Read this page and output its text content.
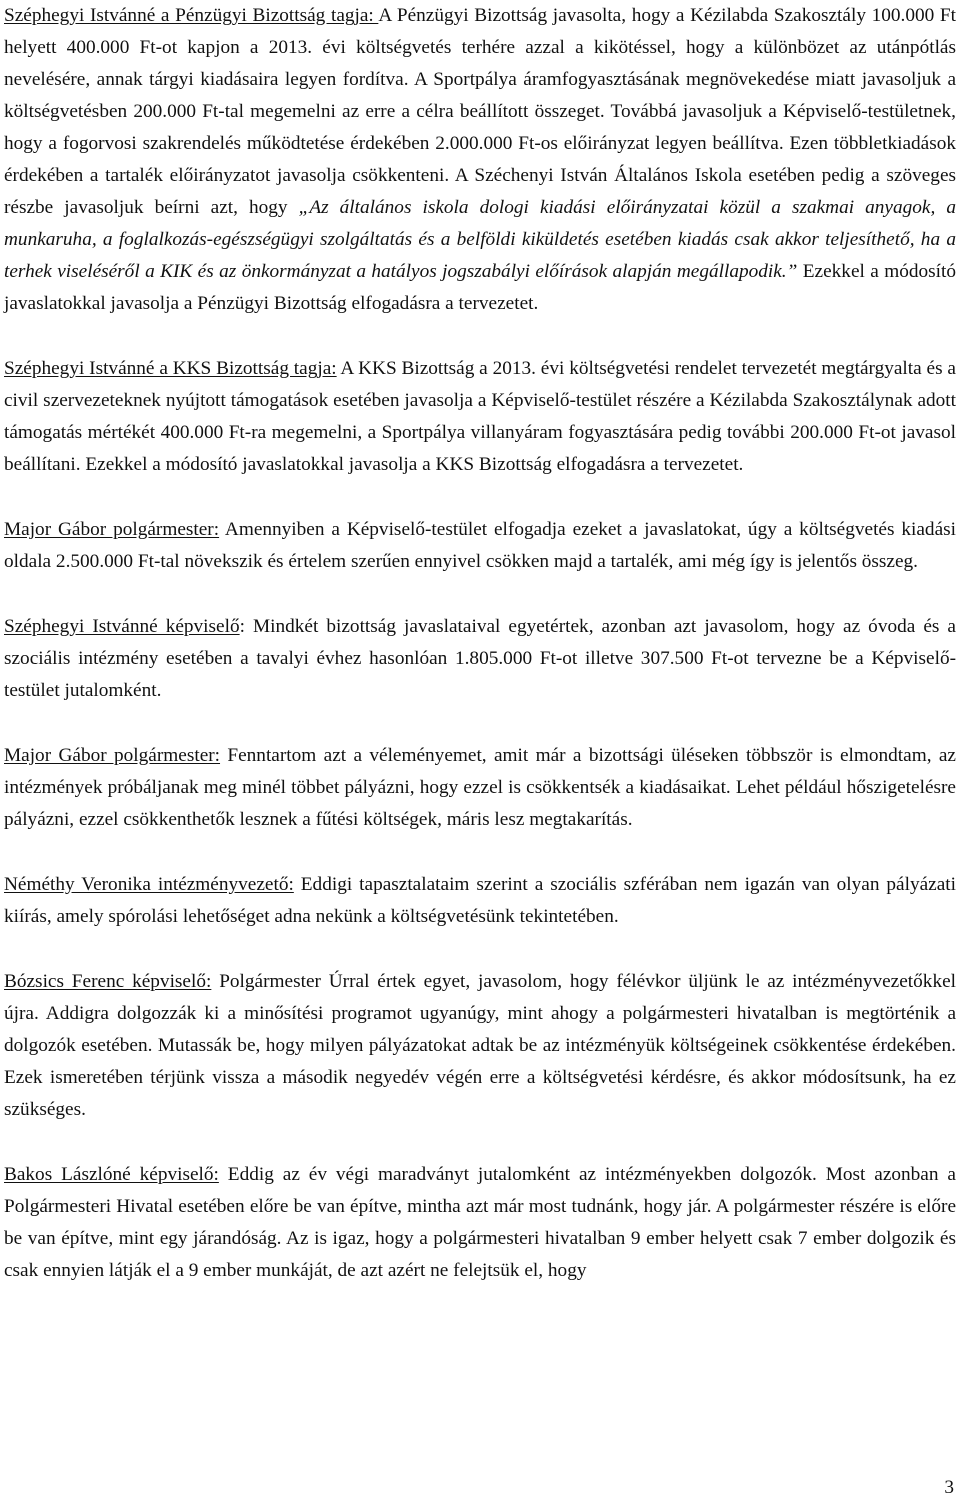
Széphegyi Istvánné a Pénzügyi Bizottság tagja: A Pénzügyi Bizottság javasolta, hogy a Kézilabda Szakosztály 100.000 Ft helyett 400.000 Ft-ot kapjon a 2013. évi költségvetés terhére azzal a kikötéssel, hogy a különbözet az utánpótlás nevelésére, annak tárgyi kiadásaira legyen fordítva. A Sportpálya áramfogyasztásának megnövekedése miatt javasoljuk a költségvetésben 200.000 Ft-tal megemelni az erre a célra beállított összeget. Továbbá javasoljuk a Képviselő-testületnek, hogy a fogorvosi szakrendelés működtetése érdekében 2.000.000 Ft-os előirányzat legyen beállítva. Ezen többletkiadások érdekében a tartalék előirányzatot javasolja csökkenteni. A Széchenyi István Általános Iskola esetében pedig a szöveges részbe javasoljuk beírni azt, hogy „Az általános iskola dologi kiadási előirányzatai közül a szakmai anyagok, a munkaruha, a foglalkozás-egészségügyi szolgáltatás és a belföldi kiküldetés esetében kiadás csak akkor teljesíthető, ha a terhek viseléséről a KIK és az önkormányzat a hatályos jogszabályi előírások alapján megállapodik.” Ezekkel a módosító javaslatokkal javasolja a Pénzügyi Bizottság elfogadásra a tervezetet.

Széphegyi Istvánné a KKS Bizottság tagja: A KKS Bizottság a 2013. évi költségvetési rendelet tervezetét megtárgyalta és a civil szervezeteknek nyújtott támogatások esetében javasolja a Képviselő-testület részére a Kézilabda Szakosztálynak adott támogatás mértékét 400.000 Ft-ra megemelni, a Sportpálya villanyáram fogyasztására pedig további 200.000 Ft-ot javasol beállítani. Ezekkel a módosító javaslatokkal javasolja a KKS Bizottság elfogadásra a tervezetet.

Major Gábor polgármester: Amennyiben a Képviselő-testület elfogadja ezeket a javaslatokat, úgy a költségvetés kiadási oldala 2.500.000 Ft-tal növekszik és értelem szerűen ennyivel csökken majd a tartalék, ami még így is jelentős összeg.

Széphegyi Istvánné képviselő: Mindkét bizottság javaslataival egyetértek, azonban azt javasolom, hogy az óvoda és a szociális intézmény esetében a tavalyi évhez hasonlóan 1.805.000 Ft-ot illetve 307.500 Ft-ot tervezne be a Képviselő-testület jutalomként.

Major Gábor polgármester: Fenntartom azt a véleményemet, amit már a bizottsági üléseken többször is elmondtam, az intézmények próbáljanak meg minél többet pályázni, hogy ezzel is csökkentsék a kiadásaikat. Lehet például hőszigetelésre pályázni, ezzel csökkenthetők lesznek a fűtési költségek, máris lesz megtakarítás.

Néméthy Veronika intézményvezető: Eddigi tapasztalataim szerint a szociális szférában nem igazán van olyan pályázati kiírás, amely spórolási lehetőséget adna nekünk a költségvetésünk tekintetében.

Bózsics Ferenc képviselő: Polgármester Úrral értek egyet, javasolom, hogy félévkor üljünk le az intézményvezetőkkel újra. Addigra dolgozzák ki a minősítési programot ugyanúgy, mint ahogy a polgármesteri hivatalban is megtörténik a dolgozók esetében. Mutassák be, hogy milyen pályázatokat adtak be az intézményük költségeinek csökkentése érdekében. Ezek ismeretében térjünk vissza a második negyedév végén erre a költségvetési kérdésre, és akkor módosítsunk, ha ez szükséges.

Bakos Lászlóné képviselő: Eddig az év végi maradványt jutalomként az intézményekben dolgozók. Most azonban a Polgármesteri Hivatal esetében előre be van építve, mintha azt már most tudnánk, hogy jár. A polgármester részére is előre be van építve, mint egy járandóság. Az is igaz, hogy a polgármesteri hivatalban 9 ember helyett csak 7 ember dolgozik és csak ennyien látják el a 9 ember munkáját, de azt azért ne felejtsük el, hogy

3
